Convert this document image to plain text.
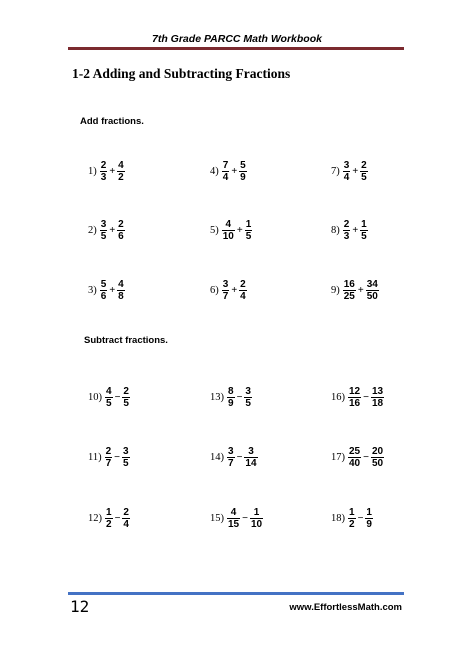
7th Grade PARCC Math Workbook
1-2 Adding and Subtracting Fractions
Add fractions.
Subtract fractions.
$1) \frac{2}{3} + \frac{4}{2}$	$4) \frac{7}{4} + \frac{5}{9}$	$7) \frac{3}{4} + \frac{2}{5}$
$2) \frac{3}{5} + \frac{2}{6}$	$5) \frac{4}{10} + \frac{1}{5}$	$8) \frac{2}{3} + \frac{1}{5}$
$3) \frac{5}{6} + \frac{4}{8}$	$6) \frac{3}{7} + \frac{2}{4}$	$9) \frac{16}{25} + \frac{34}{50}$
$10) \frac{4}{5} - \frac{2}{5}$	$13) \frac{8}{9} - \frac{3}{5}$	$16) \frac{12}{16} - \frac{13}{18}$
$11) \frac{2}{7} - \frac{3}{5}$	$14) \frac{3}{7} - \frac{3}{14}$	$17) \frac{25}{40} - \frac{20}{50}$
$12) \frac{1}{2} - \frac{2}{4}$	$15) \frac{4}{15} - \frac{1}{10}$	$18) \frac{1}{2} - \frac{1}{9}$
12	www.EffortlessMath.com
